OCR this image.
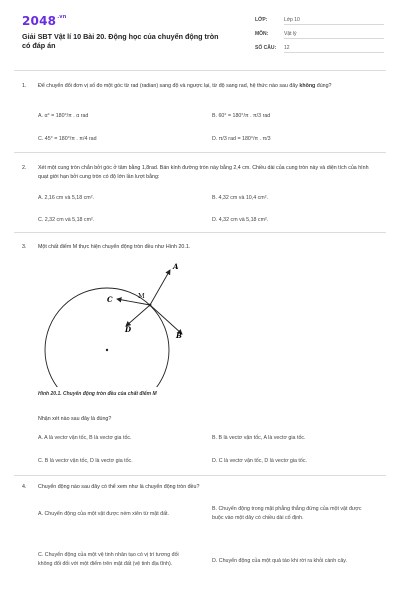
$2048^{.vn}$
Giải SBT Vật lí 10 Bài 20. Động học của chuyển động tròn có đáp án
LỚP:	Lớp 10
MÔN:	Vật lý
SỐ CÂU: 12
1. Để chuyển đổi đơn vị số đo một góc từ rad (radian) sang độ và ngược lại, từ độ sang rad, hệ thức nào sau đây không đúng?
A. α° = 180°/π . α rad	B. 60° = 180°/π . π/3 rad
C. 45° = 180°/π . π/4 rad	D. π/3 rad = 180°/π . π/3
2. Xét một cung tròn chắn bởi góc ở tâm bằng 1,8rad. Bán kính đường tròn này bằng 2,4 cm. Chiều dài của cung tròn này và diện tích của hình quạt giới hạn bởi cung tròn có độ lớn lần lượt bằng:
A. 2,16 cm và 5,18 cm².	B. 4,32 cm và 10,4 cm².
C. 2,32 cm và 5,18 cm².	D. 4,32 cm và 5,18 cm².
3. Một chất điểm M thực hiện chuyển động tròn đều như Hình 20.1.
A
B
C
D
M
Hình 20.1. Chuyển động tròn đều của chất điểm M
Nhận xét nào sau đây là đúng?
A. A là vectơ vận tốc, B là vectơ gia tốc.	B. B là vectơ vận tốc, A là vectơ gia tốc.
C. B là vectơ vận tốc, D là vectơ gia tốc.	D. C là vectơ vận tốc, D là vectơ gia tốc.
4. Chuyển động nào sau đây có thể xem như là chuyển động tròn đều?
A. Chuyển động của một vật được ném xiên từ mặt đất.
B. Chuyển động trong mặt phẳng thẳng đứng của một vật được buộc vào một dây có chiều dài cố định.
C. Chuyển động của một vệ tinh nhân tạo có vị trí tương đối không đổi đối với một điểm trên mặt đất (vệ tinh địa tĩnh).	D. Chuyển động của một quả táo khi rời ra khỏi cành cây.
